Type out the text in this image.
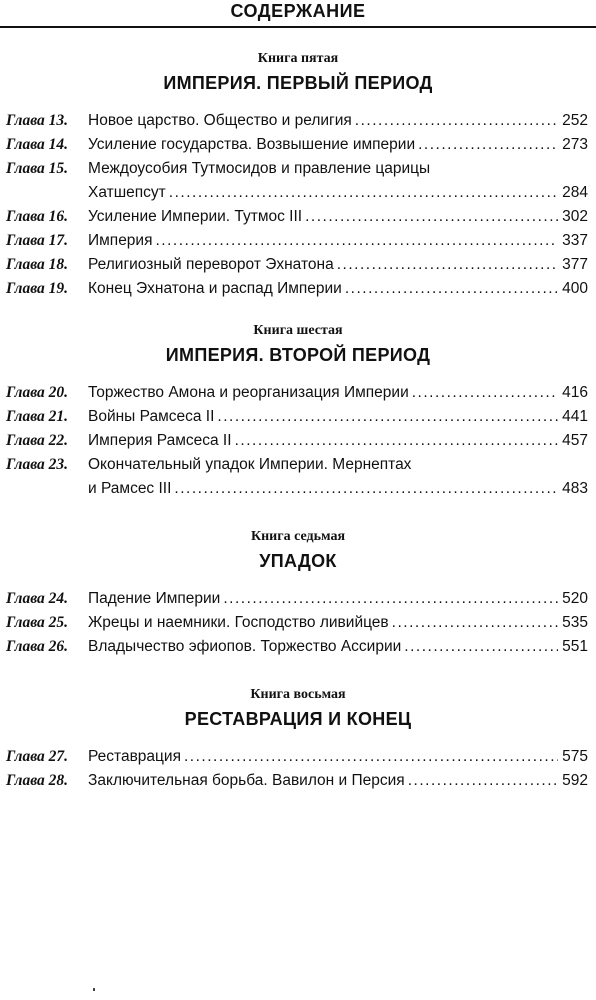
СОДЕРЖАНИЕ
Книга пятая
ИМПЕРИЯ. ПЕРВЫЙ ПЕРИОД
Глава 13. Новое царство. Общество и религия . . .	252
Глава 14. Усиление государства. Возвышение империи . . .	273
Глава 15. Междоусобия Тутмосидов и правление царицы
Хатшепсут . . .	284
Глава 16. Усиление Империи. Тутмос III . . .	302
Глава 17. Империя . . .	337
Глава 18. Религиозный переворот Эхнатона . . .	377
Глава 19. Конец Эхнатона и распад Империи . . .	400
Книга шестая
ИМПЕРИЯ. ВТОРОЙ ПЕРИОД
Глава 20. Торжество Амона и реорганизация Империи . . .	416
Глава 21. Войны Рамсеса II . . .	441
Глава 22. Империя Рамсеса II . . .	457
Глава 23. Окончательный упадок Империи. Мернептах
и Рамсес III . . .	483
Книга седьмая
УПАДОК
Глава 24. Падение Империи . . .	520
Глава 25. Жрецы и наемники. Господство ливийцев . . .	535
Глава 26. Владычество эфиопов. Торжество Ассирии . . .	551
Книга восьмая
РЕСТАВРАЦИЯ И КОНЕЦ
Глава 27. Реставрация . . .	575
Глава 28. Заключительная борьба. Вавилон и Персия . . .	592
